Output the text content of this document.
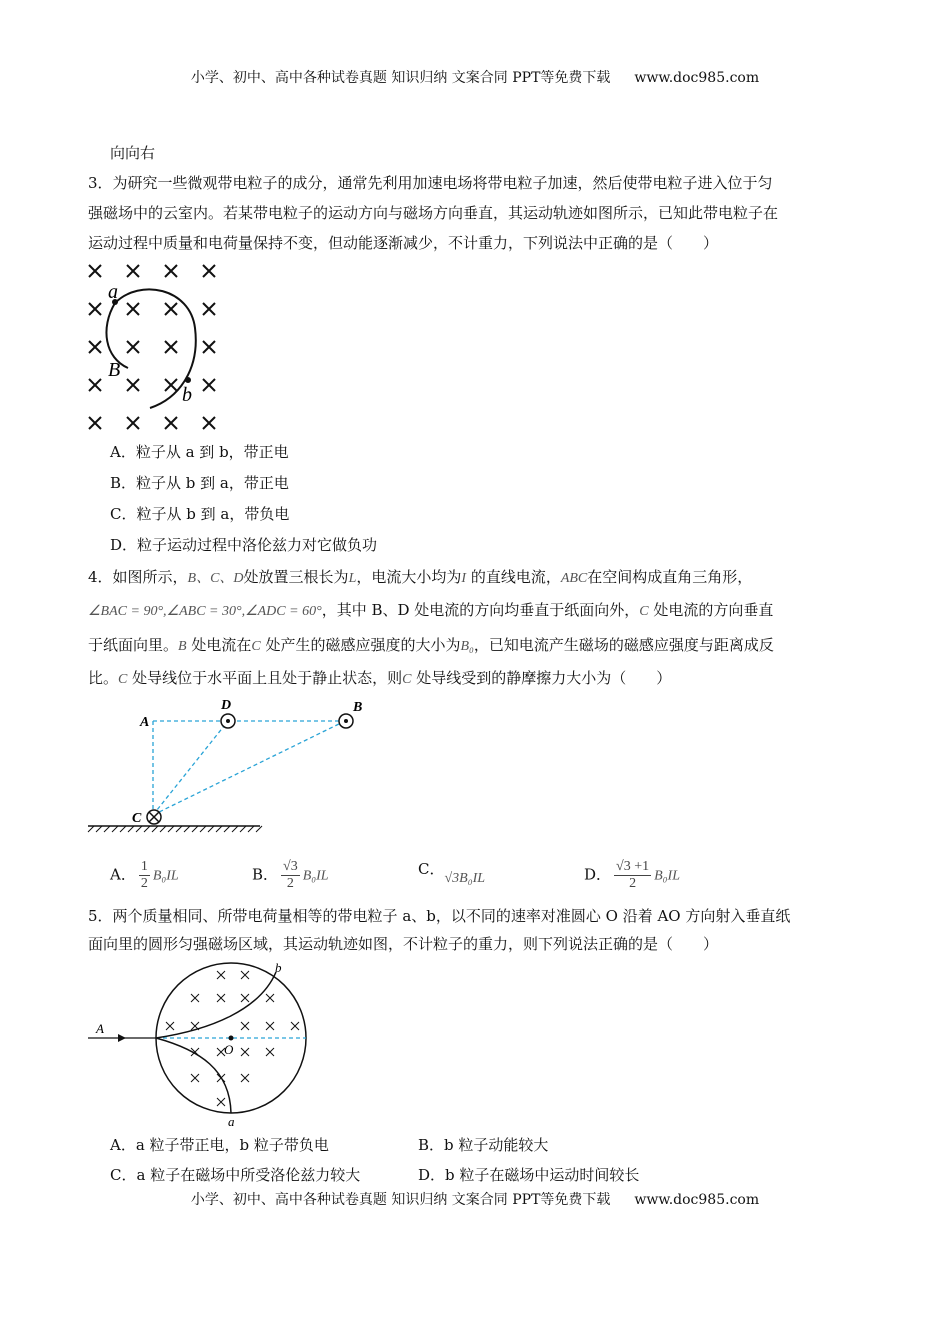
小学、初中、高中各种试卷真题 知识归纳 文案合同 PPT等免费下载 www.doc985.com
向向右
3．为研究一些微观带电粒子的成分，通常先利用加速电场将带电粒子加速，然后使带电粒子进入位于匀
强磁场中的云室内。若某带电粒子的运动方向与磁场方向垂直，其运动轨迹如图所示，已知此带电粒子在
运动过程中质量和电荷量保持不变，但动能逐渐减少，不计重力，下列说法中正确的是（　　）
a
B
b
A．粒子从 a 到 b，带正电
B．粒子从 b 到 a，带正电
C．粒子从 b 到 a，带负电
D．粒子运动过程中洛伦兹力对它做负功
4．如图所示，B、C、D处放置三根长为L，电流大小均为I 的直线电流，ABC在空间构成直角三角形，
∠BAC = 90°,∠ABC = 30°,∠ADC = 60°，其中 B、D 处电流的方向均垂直于纸面向外，C 处电流的方向垂直
于纸面向里。B 处电流在C 处产生的磁感应强度的大小为B₀，已知电流产生磁场的磁感应强度与距离成反
比。C 处导线位于水平面上且处于静止状态，则C 处导线受到的静摩擦力大小为（　　）
A
D	B
C
A． $\frac{1}{2} B_0IL$	B． $\frac{√3}{2} B_0IL$	C．√3B₀IL	D． $\frac{√3 +1}{2} B_0IL$
5．两个质量相同、所带电荷量相等的带电粒子 a、b，以不同的速率对准圆心 O 沿着 AO 方向射入垂直纸
面向里的圆形匀强磁场区域，其运动轨迹如图，不计粒子的重力，则下列说法正确的是（　　）
A
O
b
a
A．a 粒子带正电，b 粒子带负电	B．b 粒子动能较大
C．a 粒子在磁场中所受洛伦兹力较大	D．b 粒子在磁场中运动时间较长
小学、初中、高中各种试卷真题 知识归纳 文案合同 PPT等免费下载 www.doc985.com
